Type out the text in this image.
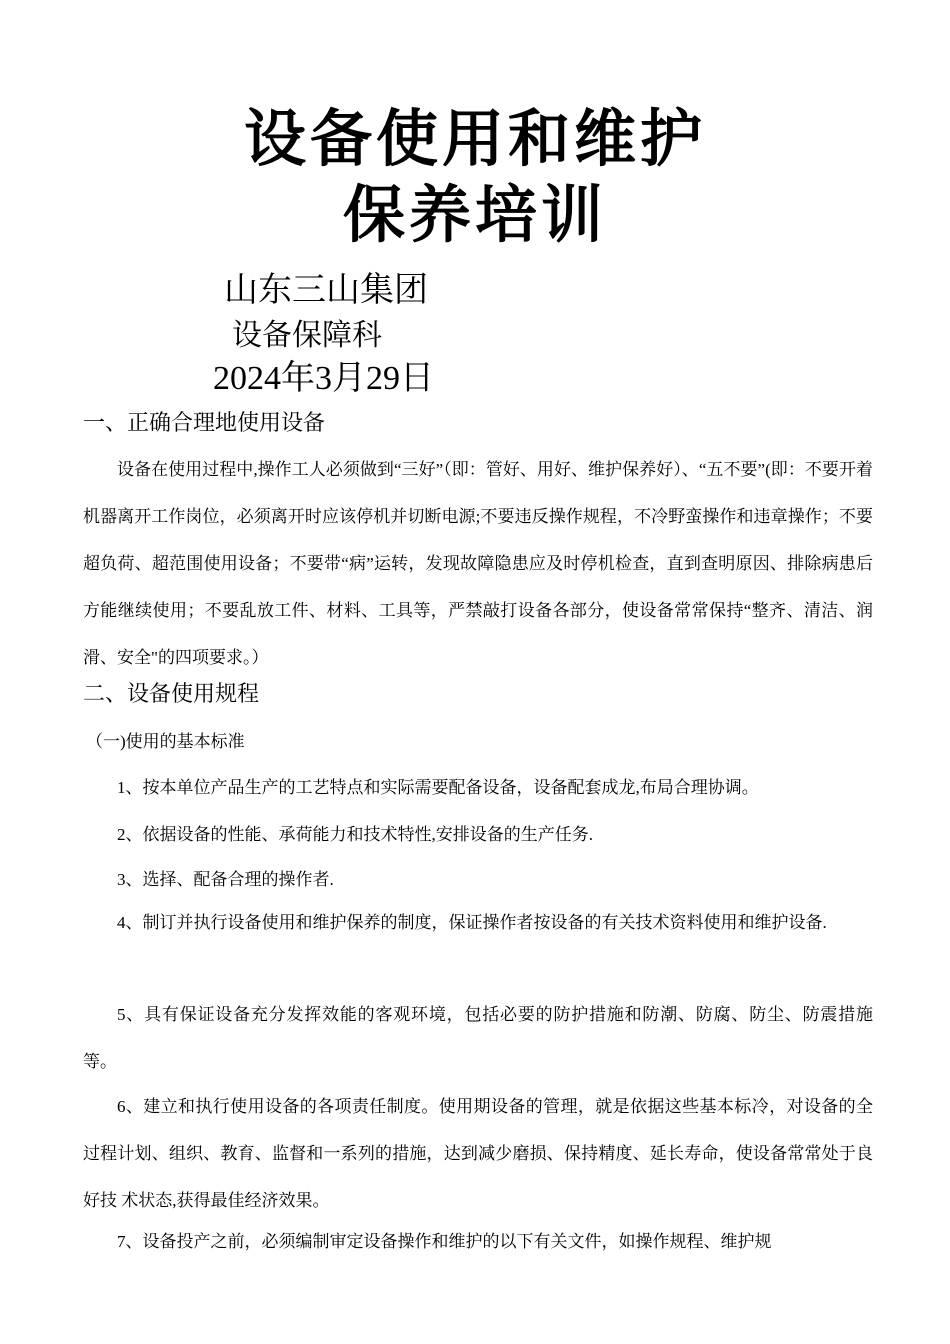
设备使用和维护
保养培训
山东三山集团
设备保障科
2024年3月29日
一、正确合理地使用设备

设备在使用过程中,操作工人必须做到“三好”（即：管好、用好、维护保养好）、“五不要”(即：不要开着机器离开工作岗位，必须离开时应该停机并切断电源;不要违反操作规程，不冷野蛮操作和违章操作；不要超负荷、超范围使用设备；不要带“病”运转，发现故障隐患应及时停机检查，直到查明原因、排除病患后方能继续使用；不要乱放工件、材料、工具等，严禁敲打设备各部分，使设备常常保持“整齐、清洁、润滑、安全"的四项要求。）

二、设备使用规程

（一)使用的基本标准

1、按本单位产品生产的工艺特点和实际需要配备设备，设备配套成龙,布局合理协调。

2、依据设备的性能、承荷能力和技术特性,安排设备的生产任务.

3、选择、配备合理的操作者.

4、制订并执行设备使用和维护保养的制度，保证操作者按设备的有关技术资料使用和维护设备.

5、具有保证设备充分发挥效能的客观环境，包括必要的防护措施和防潮、防腐、防尘、防震措施等。

6、建立和执行使用设备的各项责任制度。使用期设备的管理，就是依据这些基本标冷，对设备的全过程计划、组织、教育、监督和一系列的措施，达到减少磨损、保持精度、延长寿命，使设备常常处于良好技 术状态,获得最佳经济效果。

7、设备投产之前，必须编制审定设备操作和维护的以下有关文件，如操作规程、维护规
